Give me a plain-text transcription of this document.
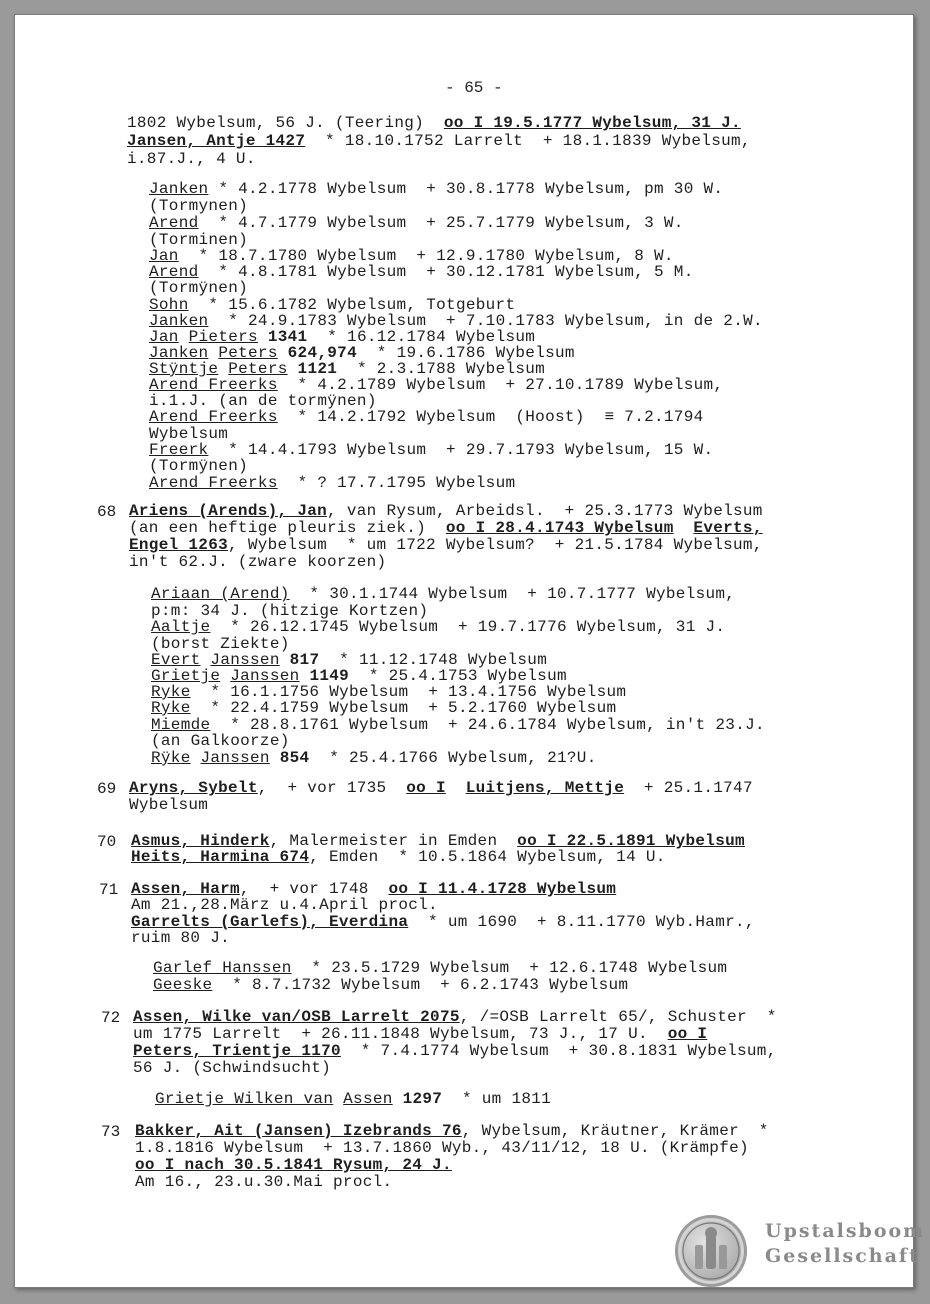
- 65 -
1802 Wybelsum, 56 J. (Teering)  oo I 19.5.1777 Wybelsum, 31 J.
Jansen, Antje 1427  * 18.10.1752 Larrelt  + 18.1.1839 Wybelsum,
i.87.J., 4 U.
Janken * 4.2.1778 Wybelsum  + 30.8.1778 Wybelsum, pm 30 W.
(Tormynen)
Arend  * 4.7.1779 Wybelsum  + 25.7.1779 Wybelsum, 3 W.
(Torminen)
Jan  * 18.7.1780 Wybelsum  + 12.9.1780 Wybelsum, 8 W.
Arend  * 4.8.1781 Wybelsum  + 30.12.1781 Wybelsum, 5 M.
(Tormÿnen)
Sohn  * 15.6.1782 Wybelsum, Totgeburt
Janken  * 24.9.1783 Wybelsum  + 7.10.1783 Wybelsum, in de 2.W.
Jan Pieters 1341  * 16.12.1784 Wybelsum
Janken Peters 624,974  * 19.6.1786 Wybelsum
Stÿntje Peters 1121  * 2.3.1788 Wybelsum
Arend Freerks  * 4.2.1789 Wybelsum  + 27.10.1789 Wybelsum,
i.1.J. (an de tormÿnen)
Arend Freerks  * 14.2.1792 Wybelsum  (Hoost)  ≡ 7.2.1794
Wybelsum
Freerk  * 14.4.1793 Wybelsum  + 29.7.1793 Wybelsum, 15 W.
(Tormÿnen)
Arend Freerks  * ? 17.7.1795 Wybelsum
Ariens (Arends), Jan, van Rysum, Arbeidsl.  + 25.3.1773 Wybelsum
(an een heftige pleuris ziek.)  oo I 28.4.1743 Wybelsum Everts,
Engel 1263, Wybelsum  * um 1722 Wybelsum?  + 21.5.1784 Wybelsum,
in't 62.J. (zware koorzen)
Ariaan (Arend)  * 30.1.1744 Wybelsum  + 10.7.1777 Wybelsum,
p:m: 34 J. (hitzige Kortzen)
Aaltje  * 26.12.1745 Wybelsum  + 19.7.1776 Wybelsum, 31 J.
(borst Ziekte)
Evert Janssen 817  * 11.12.1748 Wybelsum
Grietje Janssen 1149  * 25.4.1753 Wybelsum
Ryke  * 16.1.1756 Wybelsum  + 13.4.1756 Wybelsum
Ryke  * 22.4.1759 Wybelsum  + 5.2.1760 Wybelsum
Miemde  * 28.8.1761 Wybelsum  + 24.6.1784 Wybelsum, in't 23.J.
(an Galkoorze)
Rÿke Janssen 854  * 25.4.1766 Wybelsum, 21?U.
Aryns, Sybelt,  + vor 1735  oo I Luitjens, Mettje  + 25.1.1747
Wybelsum
Asmus, Hinderk, Malermeister in Emden  oo I 22.5.1891 Wybelsum
Heits, Harmina 674, Emden  * 10.5.1864 Wybelsum, 14 U.
Assen, Harm,  + vor 1748  oo I 11.4.1728 Wybelsum
Am 21.,28.März u.4.April procl.
Garrelts (Garlefs), Everdina  * um 1690  + 8.11.1770 Wyb.Hamr.,
ruim 80 J.
Garlef Hanssen  * 23.5.1729 Wybelsum  + 12.6.1748 Wybelsum
Geeske  * 8.7.1732 Wybelsum  + 6.2.1743 Wybelsum
Assen, Wilke van/OSB Larrelt 2075, /=OSB Larrelt 65/, Schuster  *
um 1775 Larrelt  + 26.11.1848 Wybelsum, 73 J., 17 U.  oo I
Peters, Trientje 1170  * 7.4.1774 Wybelsum  + 30.8.1831 Wybelsum,
56 J. (Schwindsucht)
Grietje Wilken van Assen 1297  * um 1811
Bakker, Ait (Jansen) Izebrands 76, Wybelsum, Kräutner, Krämer  *
1.8.1816 Wybelsum  + 13.7.1860 Wyb., 43/11/12, 18 U. (Krämpfe)
oo I nach 30.5.1841 Rysum, 24 J.
Am 16., 23.u.30.Mai procl.
68
69
70
71
72
73
Upstalsboom
Gesellschaft
